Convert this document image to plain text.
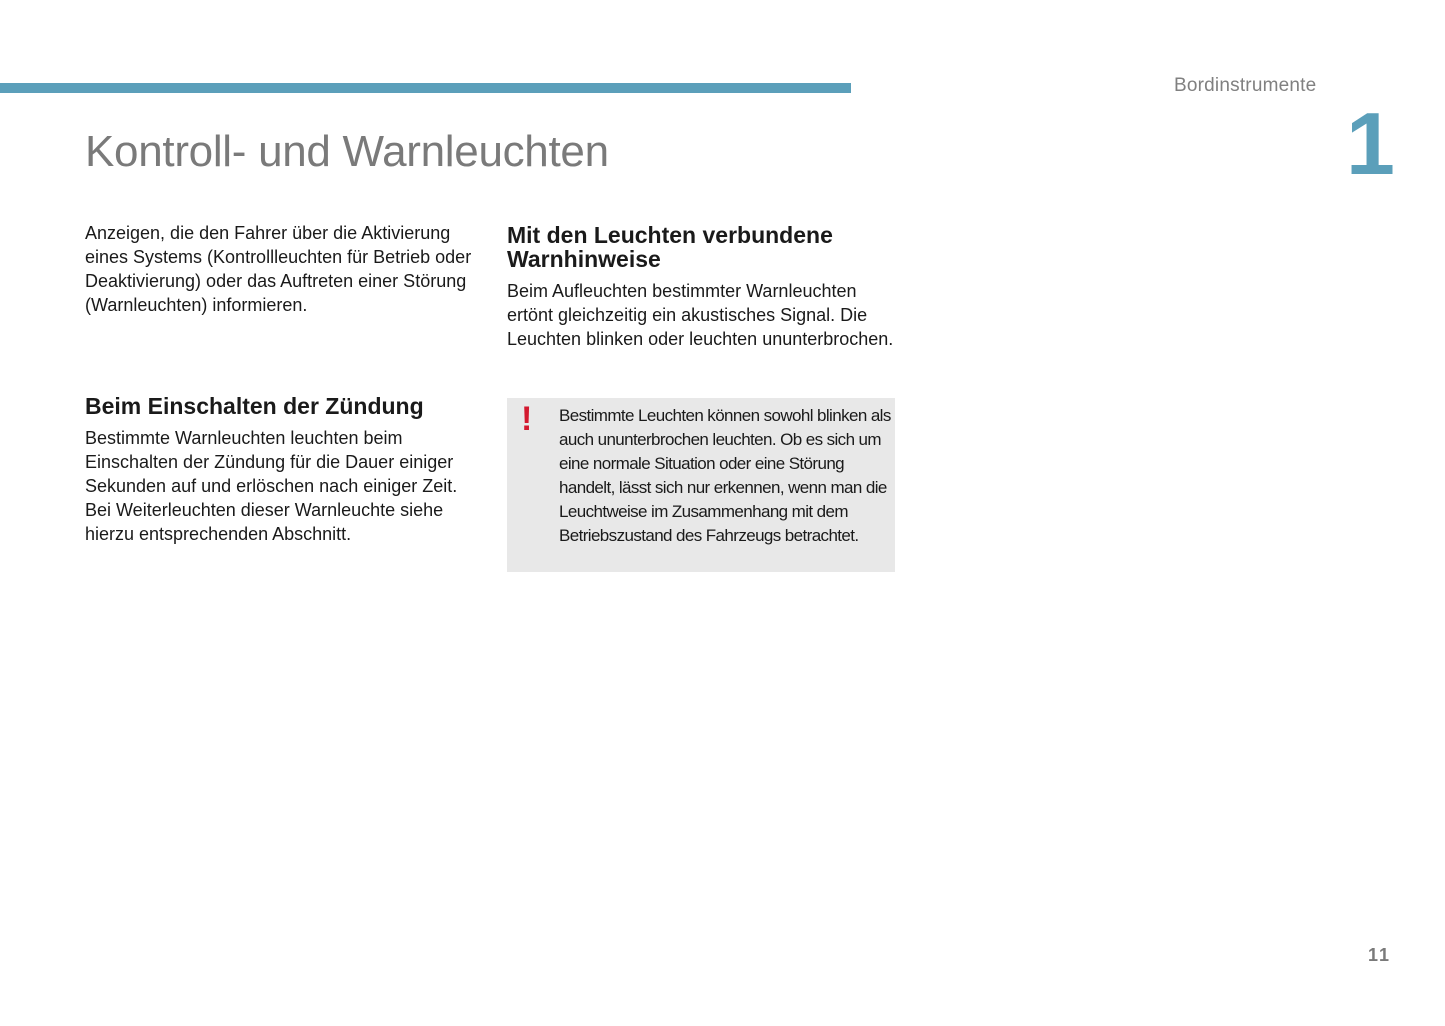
Bordinstrumente
1
Kontroll- und Warnleuchten

Anzeigen, die den Fahrer über die Aktivierung eines Systems (Kontrollleuchten für Betrieb oder Deaktivierung) oder das Auftreten einer Störung (Warnleuchten) informieren.

Beim Einschalten der Zündung

Bestimmte Warnleuchten leuchten beim Einschalten der Zündung für die Dauer einiger Sekunden auf und erlöschen nach einiger Zeit. Bei Weiterleuchten dieser Warnleuchte siehe hierzu entsprechenden Abschnitt.

Mit den Leuchten verbundene Warnhinweise

Beim Aufleuchten bestimmter Warnleuchten ertönt gleichzeitig ein akustisches Signal. Die Leuchten blinken oder leuchten ununterbrochen.

! Bestimmte Leuchten können sowohl blinken als auch ununterbrochen leuchten. Ob es sich um eine normale Situation oder eine Störung handelt, lässt sich nur erkennen, wenn man die Leuchtweise im Zusammenhang mit dem Betriebszustand des Fahrzeugs betrachtet.

11
